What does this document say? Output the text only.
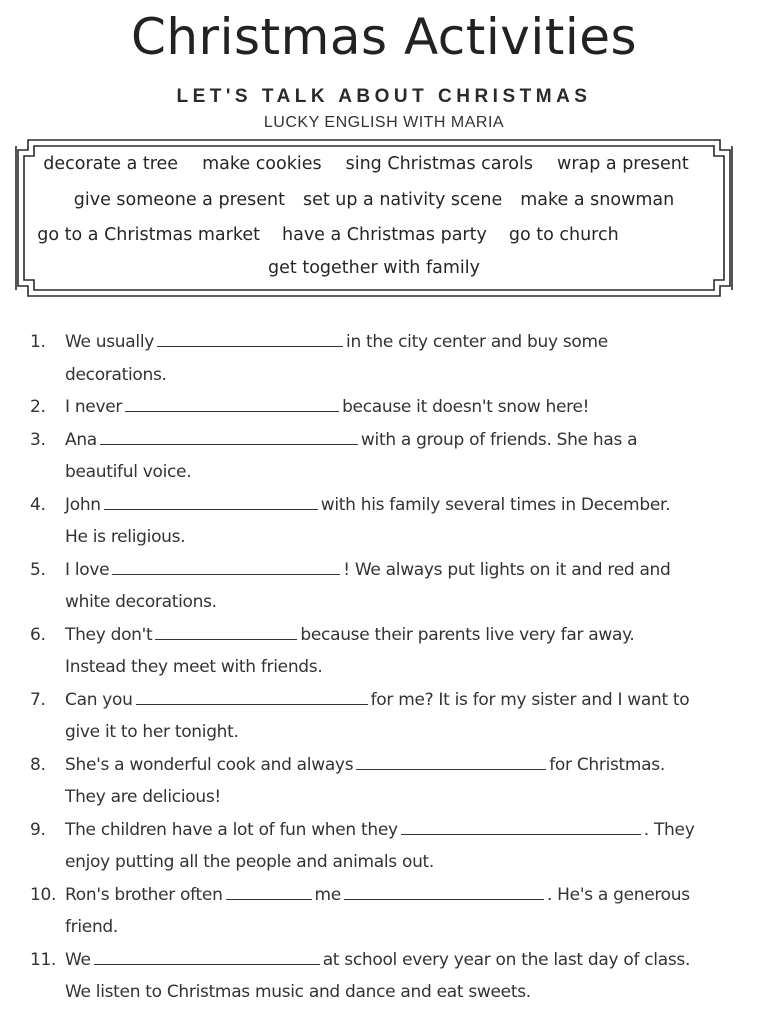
Christmas Activities
LET'S TALK ABOUT CHRISTMAS
LUCKY ENGLISH WITH MARIA
decorate a tree make cookies sing Christmas carols wrap a present
give someone a present set up a nativity scene make a snowman
go to a Christmas market have a Christmas party go to church
get together with family
1.	We usually	in the city center and buy some
decorations.
2.	I never	because it doesn't snow here!
3.	Ana	with a group of friends. She has a
beautiful voice.
4.	John	with his family several times in December.
He is religious.
5.	I love	! We always put lights on it and red and
white decorations.
6.	They don't	because their parents live very far away.
Instead they meet with friends.
7.	Can you	for me? It is for my sister and I want to
give it to her tonight.
8.	She's a wonderful cook and always	for Christmas.
They are delicious!
9.	The children have a lot of fun when they	. They
enjoy putting all the people and animals out.
10. Ron's brother often	me	. He's a generous
friend.
11. We	at school every year on the last day of class.
We listen to Christmas music and dance and eat sweets.
